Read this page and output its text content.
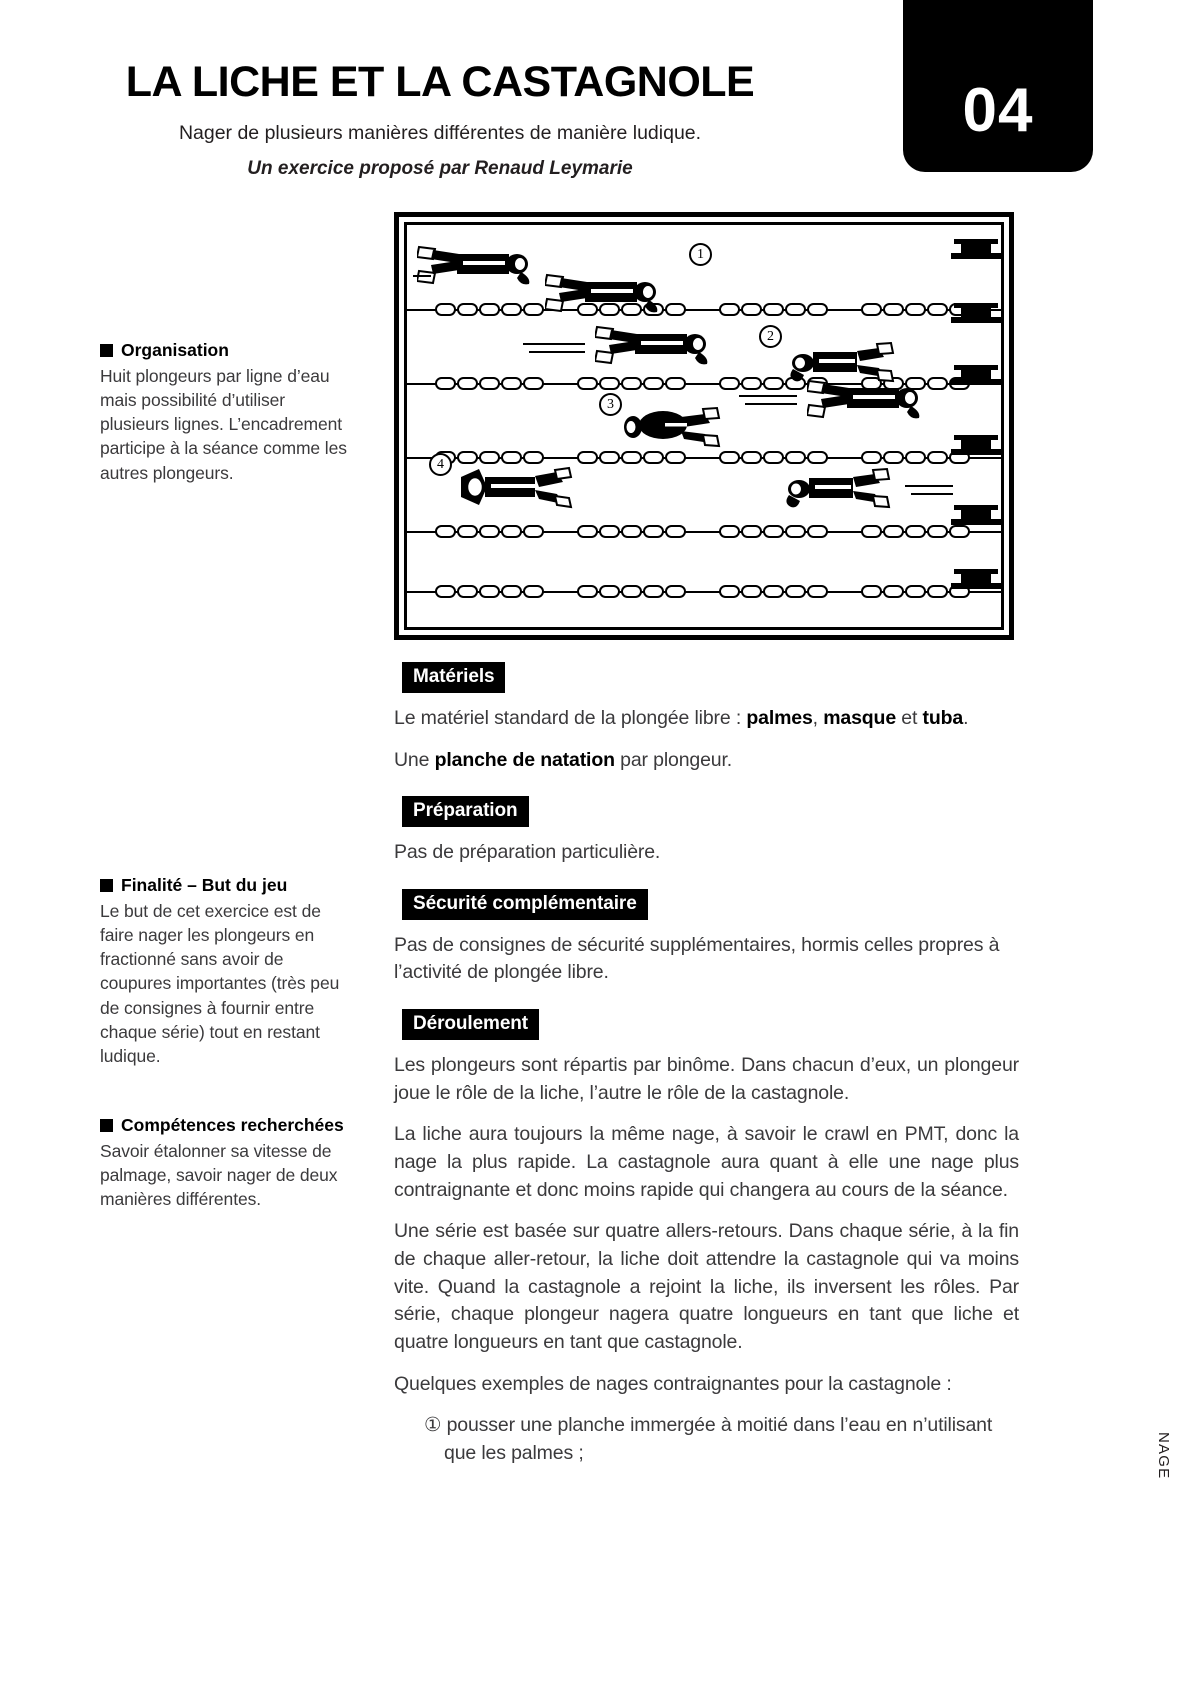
04
LA LICHE ET LA CASTAGNOLE
Nager de plusieurs manières différentes de manière ludique.
Un exercice proposé par Renaud Leymarie
Organisation
Huit plongeurs par ligne d’eau mais possibilité d’utiliser plusieurs lignes. L’encadrement participe à la séance comme les autres plongeurs.
Finalité – But du jeu
Le but de cet exercice est de faire nager les plongeurs en fractionné sans avoir de coupures importantes (très peu de consignes à fournir entre chaque série) tout en restant ludique.
Compétences recherchées
Savoir étalonner sa vitesse de palmage, savoir nager de deux manières différentes.
1
2
3
4
Matériels

Le matériel standard de la plongée libre : palmes, masque et tuba.

Une planche de natation par plongeur.

Préparation

Pas de préparation particulière.

Sécurité complémentaire

Pas de consignes de sécurité supplémentaires, hormis celles propres à l’activité de plongée libre.

Déroulement

Les plongeurs sont répartis par binôme. Dans chacun d’eux, un plongeur joue le rôle de la liche, l’autre le rôle de la castagnole.

La liche aura toujours la même nage, à savoir le crawl en PMT, donc la nage la plus rapide. La castagnole aura quant à elle une nage plus contraignante et donc moins rapide qui changera au cours de la séance.

Une série est basée sur quatre allers-retours. Dans chaque série, à la fin de chaque aller-retour, la liche doit attendre la castagnole qui va moins vite. Quand la castagnole a rejoint la liche, ils inversent les rôles. Par série, chaque plongeur nagera quatre longueurs en tant que liche et quatre longueurs en tant que castagnole.

Quelques exemples de nages contraignantes pour la castagnole :

① pousser une planche immergée à moitié dans l’eau en n’utilisant que les palmes ;	NAGE
